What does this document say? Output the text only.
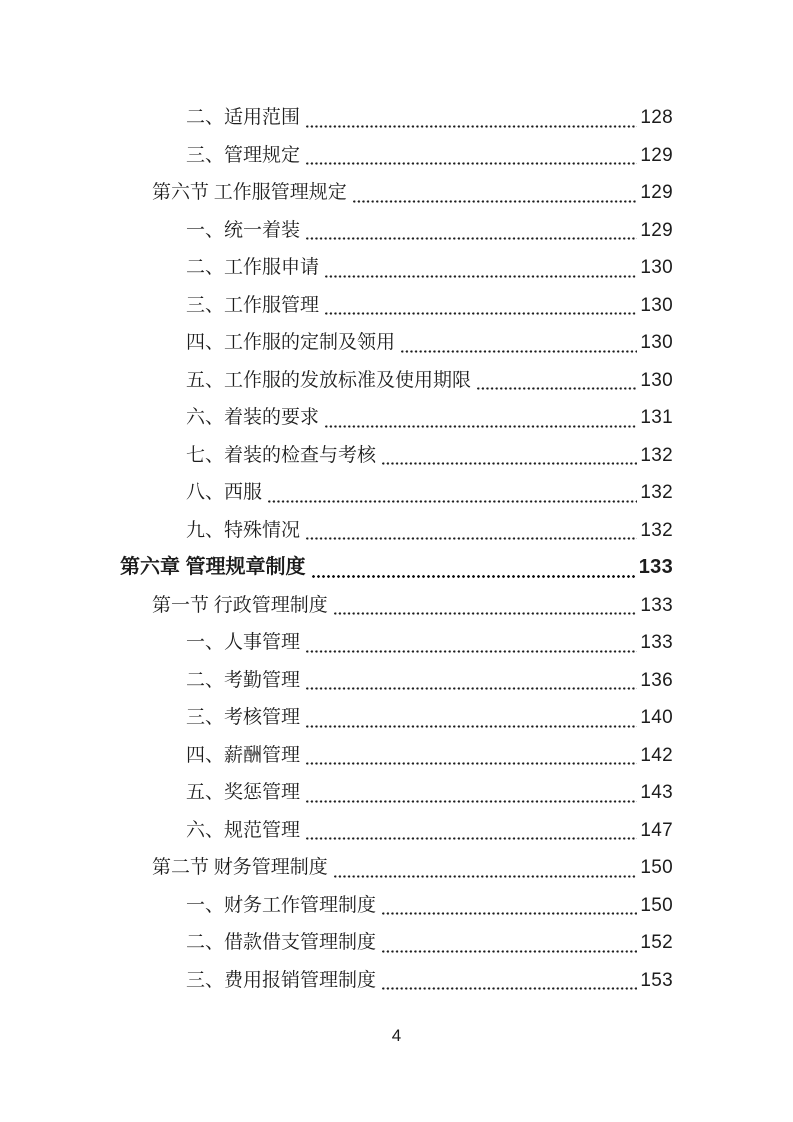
二、适用范围	128
三、管理规定	129
第六节 工作服管理规定	129
一、统一着装	129
二、工作服申请	130
三、工作服管理	130
四、工作服的定制及领用	130
五、工作服的发放标准及使用期限	130
六、着装的要求	131
七、着装的检查与考核	132
八、西服	132
九、特殊情况	132
第六章 管理规章制度	133
第一节 行政管理制度	133
一、人事管理	133
二、考勤管理	136
三、考核管理	140
四、薪酬管理	142
五、奖惩管理	143
六、规范管理	147
第二节 财务管理制度	150
一、财务工作管理制度	150
二、借款借支管理制度	152
三、费用报销管理制度	153
4
